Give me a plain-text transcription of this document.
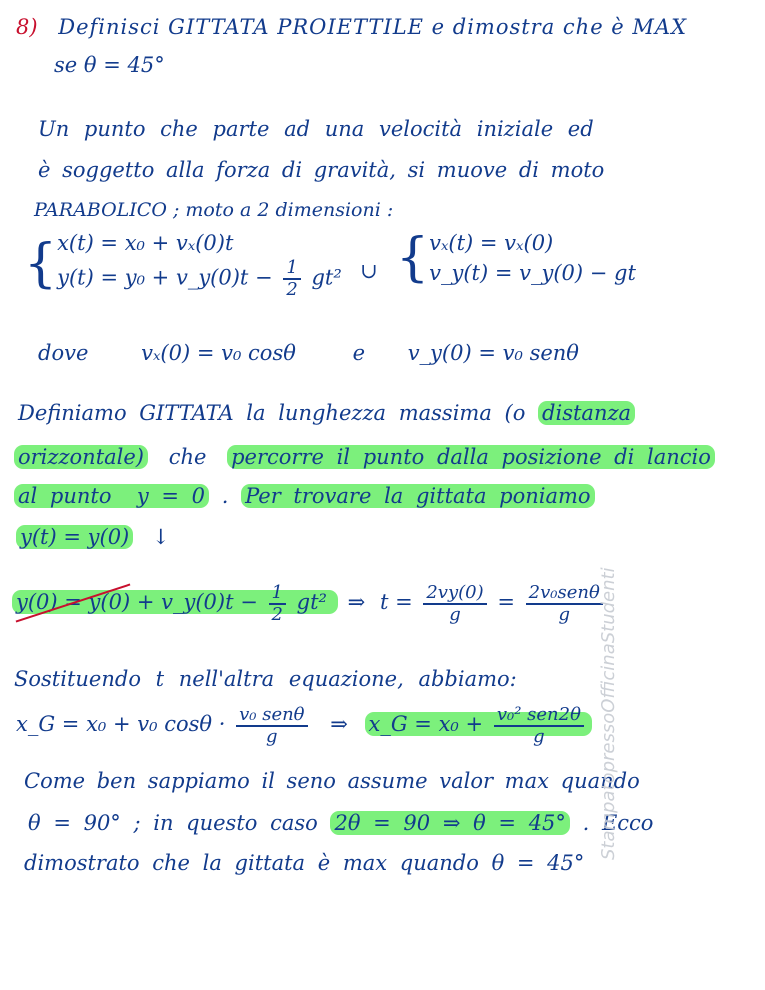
8) Definisci GITTATA PROIETTILE e dimostra che è MAX
se θ = 45°
Un punto che parte ad una velocità iniziale ed
è soggetto alla forza di gravità, si muove di moto
PARABOLICO ; moto a 2 dimensioni :
{ x(t) = x₀ + vₓ(0)t
y(t) = y₀ + v_y(0)t − $\frac{1}{2} gt^2$ ∪ { vₓ(t) = vₓ(0)
v_y(t) = v_y(0) − gt
dove	vₓ(0) = v₀ cosθ	e v_y(0) = v₀ senθ
Definiamo GITTATA la lunghezza massima (o distanza
orizzontale) che percorre il punto dalla posizione di lancio
al punto y = 0 . Per trovare la gittata poniamo
y(t) = y(0) ↓
y(0) = y(0) + v_y(0)t − $\frac{1}{2} gt^2$ ⇒ $t = \frac{2vy(0)}{g} = \frac{\text{2v₀senθ}}{g}$
Sostituendo t nell'altra equazione, abbiamo:
x_G = x₀ + v₀ $\cos\theta \cdot \frac{\text{v₀ senθ}}{g}$ ⇒ x_G = $x_0 + \frac{\text{v₀² sen2θ}}{g}$
Come ben sappiamo il seno assume valor max quando
θ = 90° ; in questo caso 2θ = 90 ⇒ θ = 45° . Ecco
dimostrato che la gittata è max quando θ = 45°
StampatopressoOfficinaStudenti
